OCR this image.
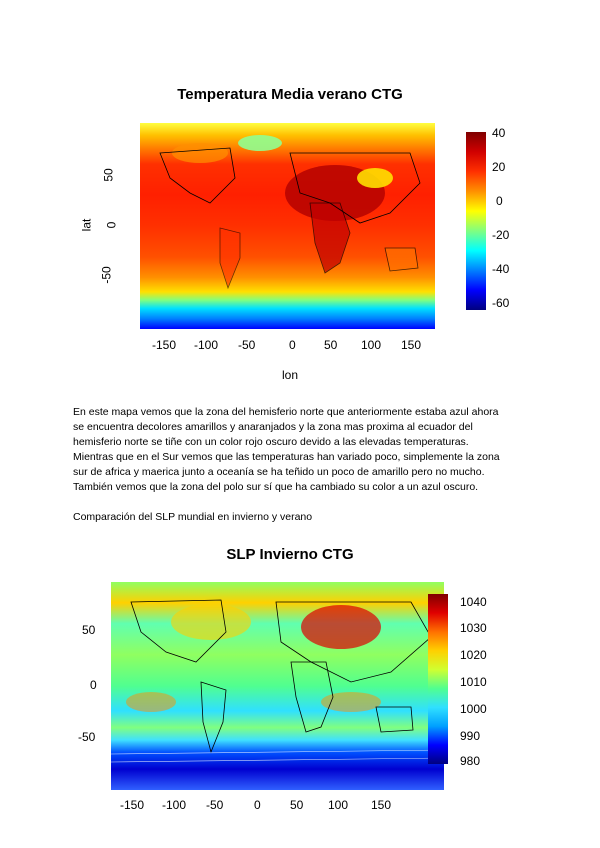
Temperatura Media verano CTG
50
0
-50
lat
-150 -100 -50	0 50 100 150
lon
40
20
0
-20
-40
-60
En este mapa vemos que la zona del hemisferio norte que anteriormente estaba azul ahora
se encuentra decolores amarillos y anaranjados y la zona mas proxima al ecuador del
hemisferio norte se tiñe con un color rojo oscuro devido a las elevadas temperaturas.
Mientras que en el Sur vemos que las temperaturas han variado poco, simplemente la zona
sur de africa y maerica junto a oceanía se ha teñido un poco de amarillo pero no mucho.
También vemos que la zona del polo sur sí que ha cambiado su color a un azul oscuro.
Comparación del SLP mundial en invierno y verano
SLP Invierno CTG
50
0
-50
-150 -100 -50	0 50 100 150
1040
1030
1020
1010
1000
990
980
